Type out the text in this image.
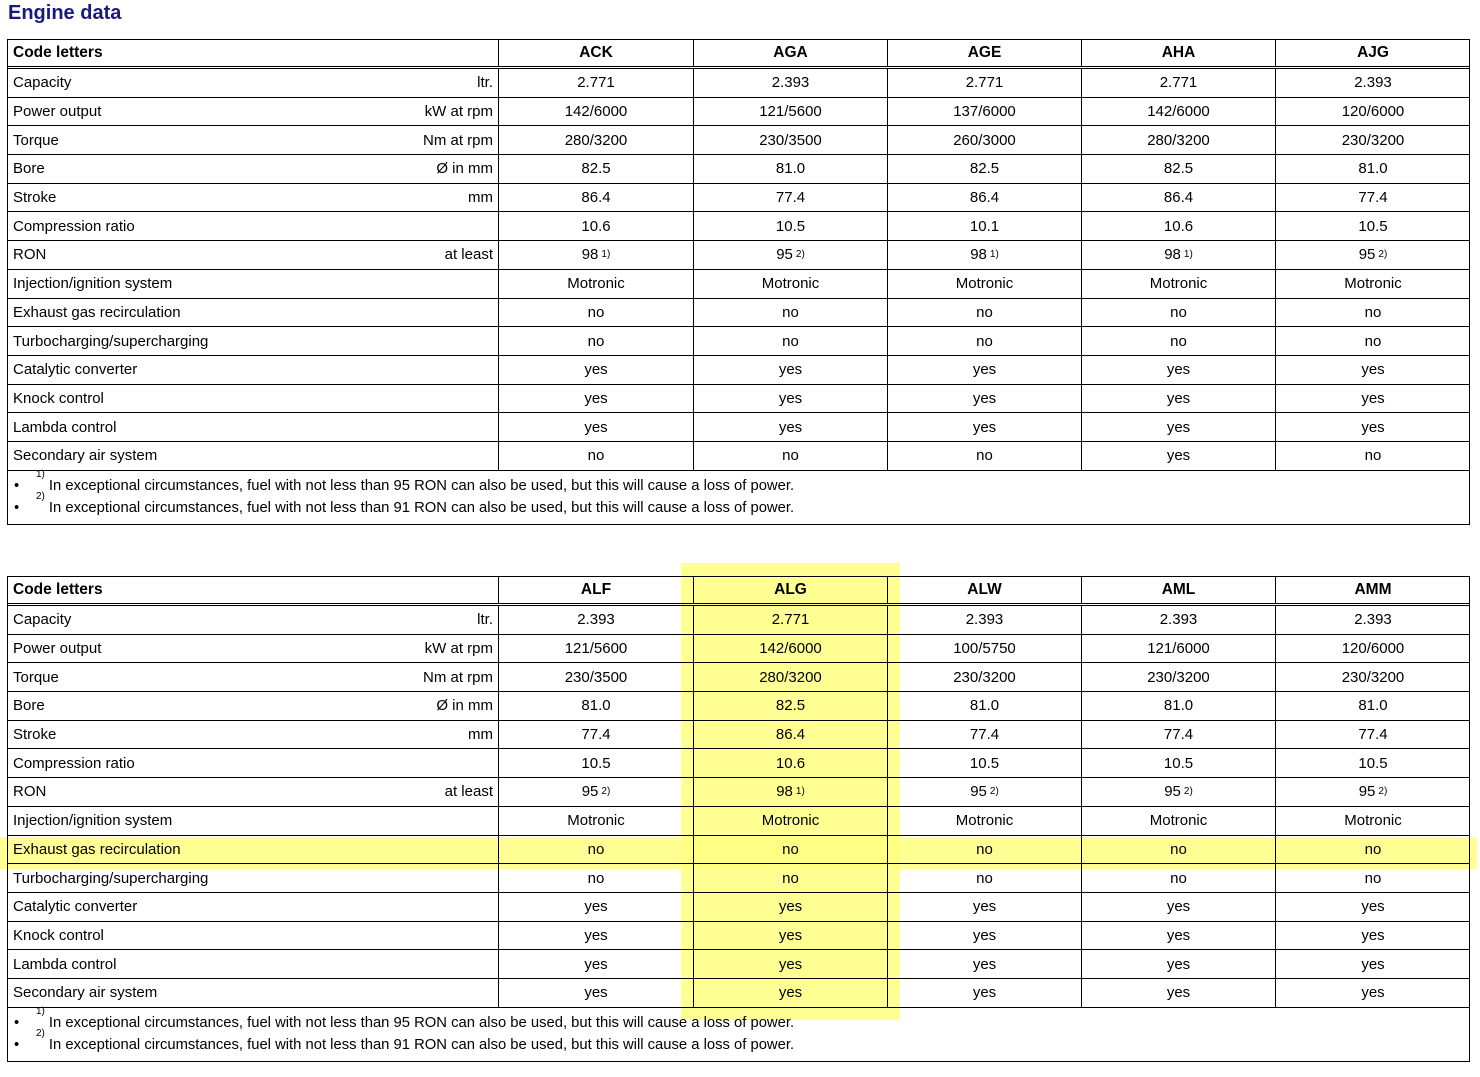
Engine data
Code letters	ACK	AGA	AGE	AHA	AJG
Capacity	ltr.	2.771	2.393	2.771	2.771	2.393
Power output	kW at rpm	142/6000	121/5600	137/6000	142/6000	120/6000
Torque	Nm at rpm	280/3200	230/3500	260/3000	280/3200	230/3200
Bore	Ø in mm	82.5	81.0	82.5	82.5	81.0
Stroke	mm	86.4	77.4	86.4	86.4	77.4
Compression ratio	10.6	10.5	10.1	10.6	10.5
RON	at least	98 1)	95 2)	98 1)	98 1)	95 2)
Injection/ignition system	Motronic	Motronic	Motronic	Motronic	Motronic
Exhaust gas recirculation	no	no	no	no	no
Turbocharging/supercharging	no	no	no	no	no
Catalytic converter	yes	yes	yes	yes	yes
Knock control	yes	yes	yes	yes	yes
Lambda control	yes	yes	yes	yes	yes
Secondary air system	no	no	no	yes	no
•
1)
In exceptional circumstances, fuel with not less than 95 RON can also be used, but this will cause a loss of power.
•
2)
In exceptional circumstances, fuel with not less than 91 RON can also be used, but this will cause a loss of power.
Code letters	ALF	ALG	ALW	AML	AMM
Capacity	ltr.	2.393	2.771	2.393	2.393	2.393
Power output	kW at rpm	121/5600	142/6000	100/5750	121/6000	120/6000
Torque	Nm at rpm	230/3500	280/3200	230/3200	230/3200	230/3200
Bore	Ø in mm	81.0	82.5	81.0	81.0	81.0
Stroke	mm	77.4	86.4	77.4	77.4	77.4
Compression ratio	10.5	10.6	10.5	10.5	10.5
RON	at least	95 2)	98 1)	95 2)	95 2)	95 2)
Injection/ignition system	Motronic	Motronic	Motronic	Motronic	Motronic
Exhaust gas recirculation	no	no	no	no	no
Turbocharging/supercharging	no	no	no	no	no
Catalytic converter	yes	yes	yes	yes	yes
Knock control	yes	yes	yes	yes	yes
Lambda control	yes	yes	yes	yes	yes
Secondary air system	yes	yes	yes	yes	yes
•
1)
In exceptional circumstances, fuel with not less than 95 RON can also be used, but this will cause a loss of power.
•
2)
In exceptional circumstances, fuel with not less than 91 RON can also be used, but this will cause a loss of power.
